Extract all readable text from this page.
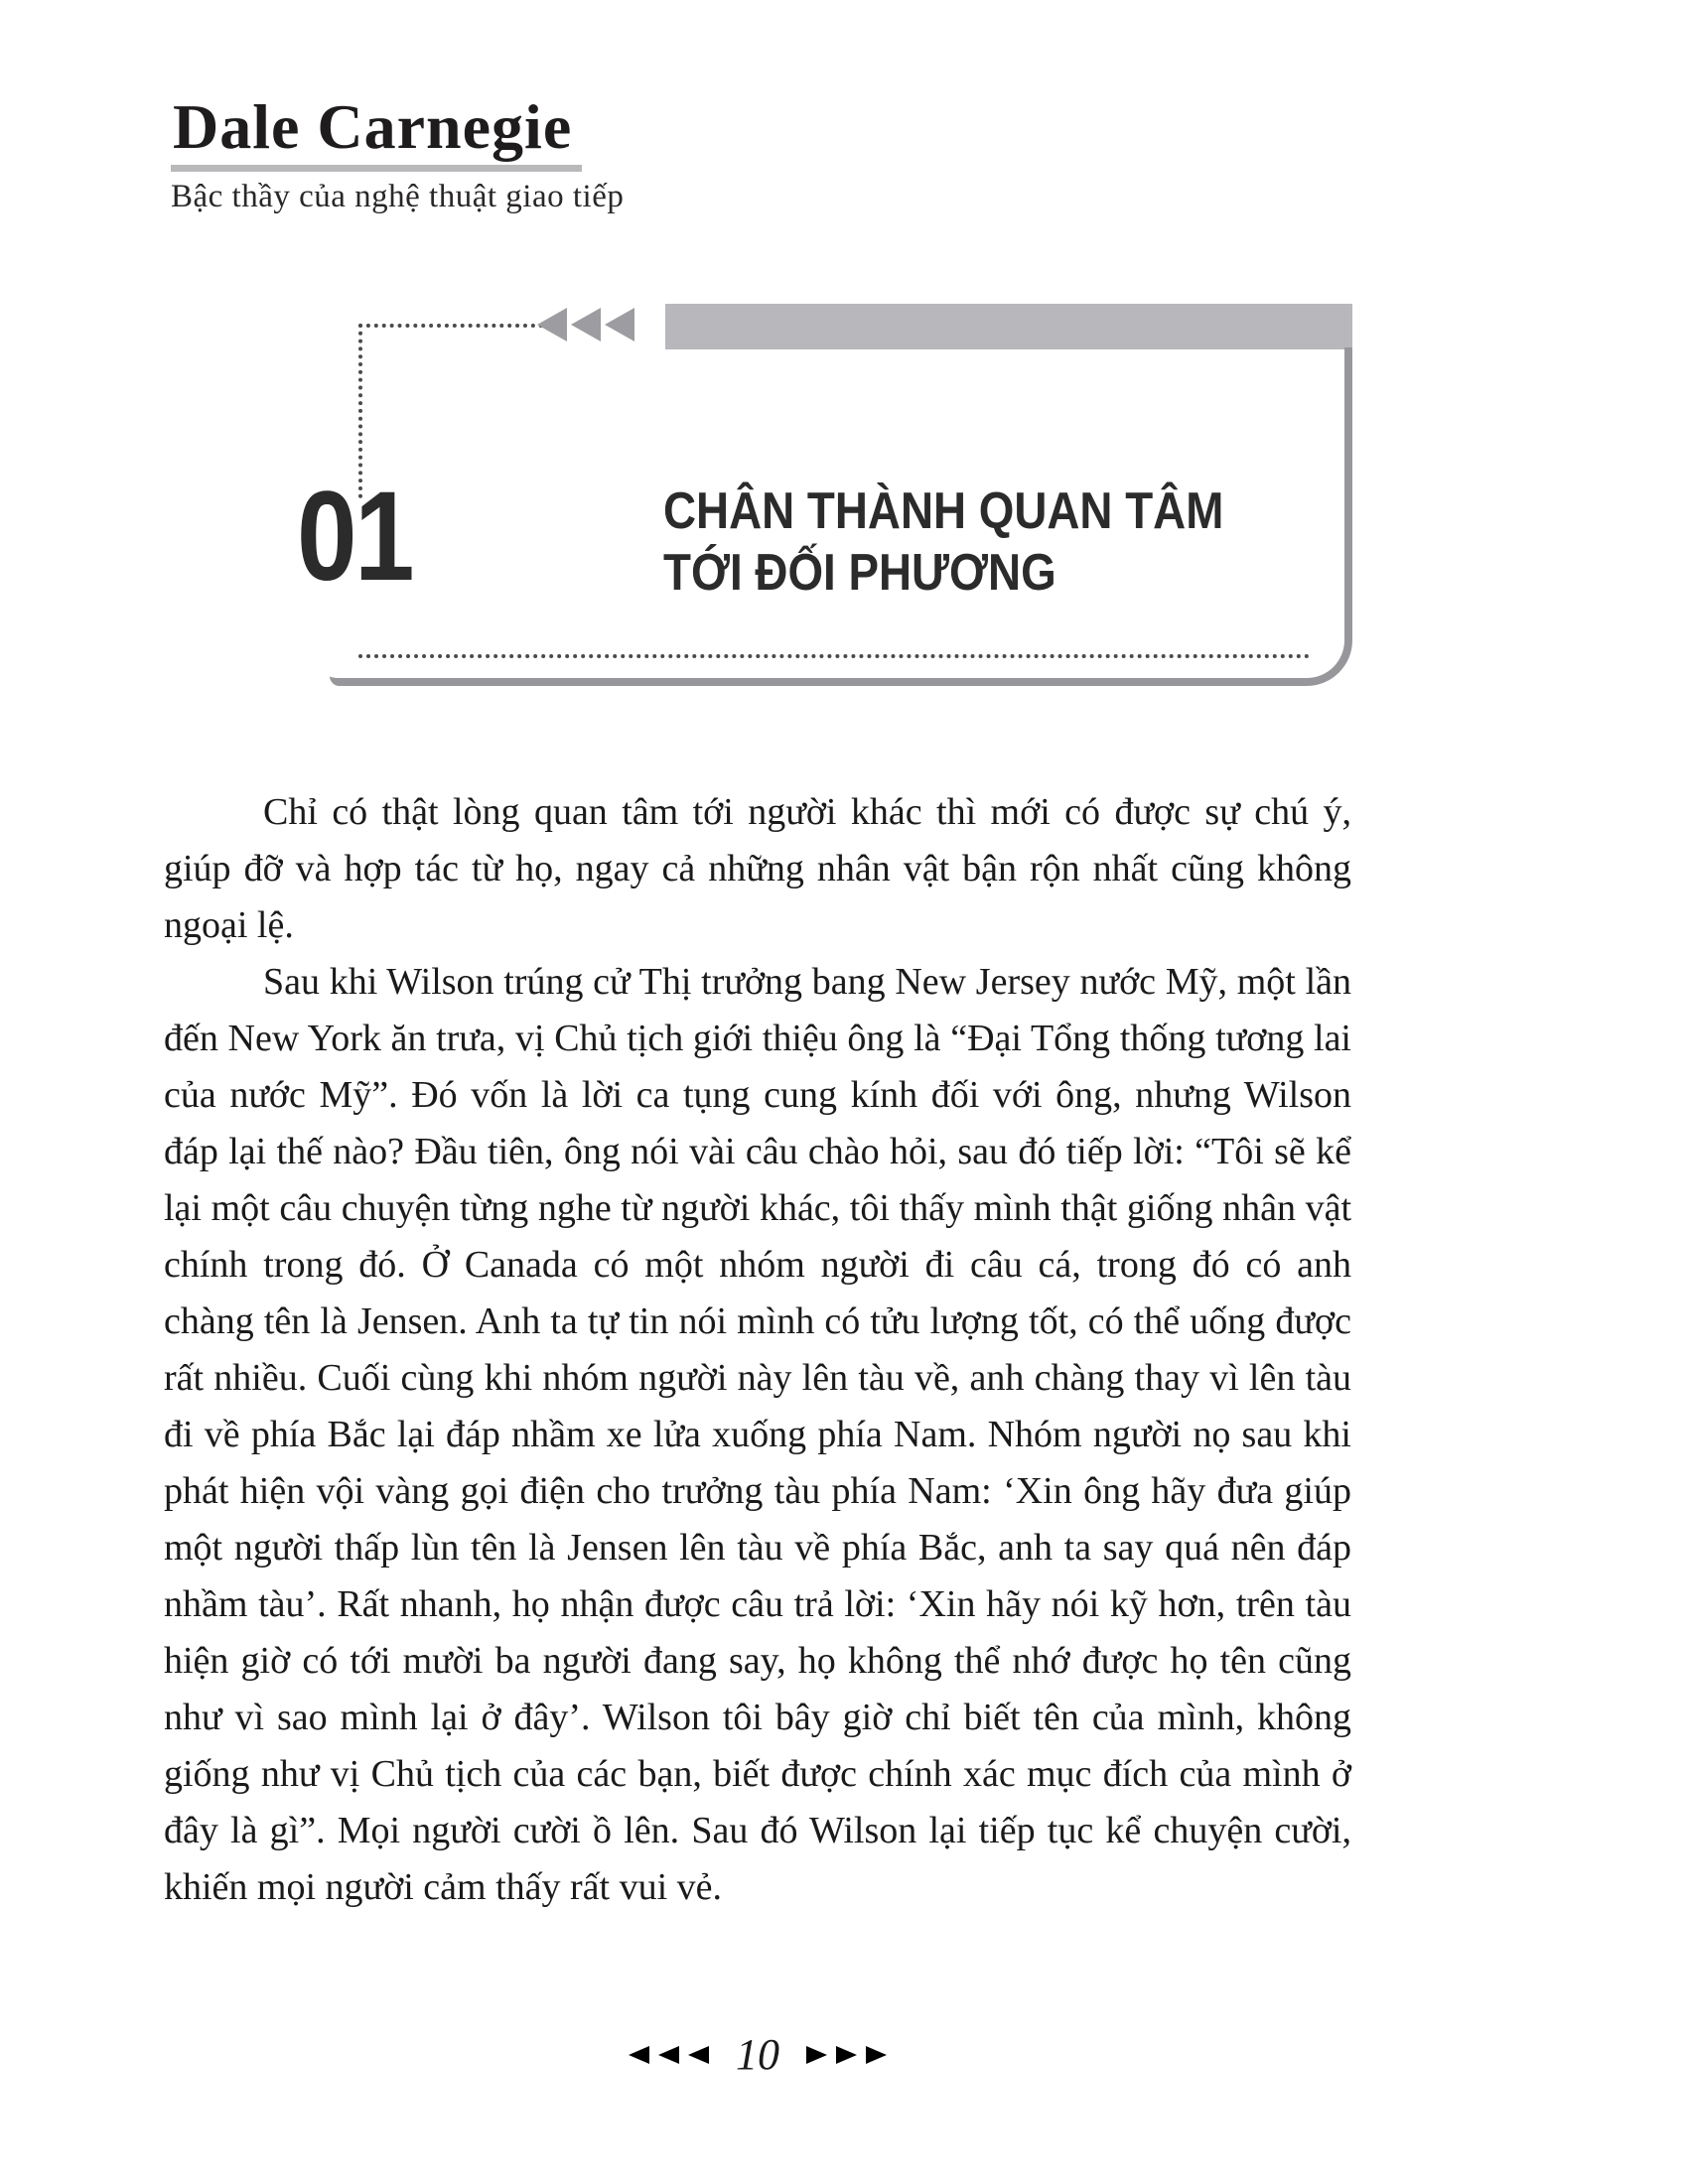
Dale Carnegie
Bậc thầy của nghệ thuật giao tiếp
01	CHÂN THÀNH QUAN TÂM
TỚI ĐỐI PHƯƠNG

Chỉ có thật lòng quan tâm tới người khác thì mới có được sự chú ý, giúp đỡ và hợp tác từ họ, ngay cả những nhân vật bận rộn nhất cũng không ngoại lệ.

Sau khi Wilson trúng cử Thị trưởng bang New Jersey nước Mỹ, một lần đến New York ăn trưa, vị Chủ tịch giới thiệu ông là “Đại Tổng thống tương lai của nước Mỹ”. Đó vốn là lời ca tụng cung kính đối với ông, nhưng Wilson đáp lại thế nào? Đầu tiên, ông nói vài câu chào hỏi, sau đó tiếp lời: “Tôi sẽ kể lại một câu chuyện từng nghe từ người khác, tôi thấy mình thật giống nhân vật chính trong đó. Ở Canada có một nhóm người đi câu cá, trong đó có anh chàng tên là Jensen. Anh ta tự tin nói mình có tửu lượng tốt, có thể uống được rất nhiều. Cuối cùng khi nhóm người này lên tàu về, anh chàng thay vì lên tàu đi về phía Bắc lại đáp nhầm xe lửa xuống phía Nam. Nhóm người nọ sau khi phát hiện vội vàng gọi điện cho trưởng tàu phía Nam: ‘Xin ông hãy đưa giúp một người thấp lùn tên là Jensen lên tàu về phía Bắc, anh ta say quá nên đáp nhầm tàu’. Rất nhanh, họ nhận được câu trả lời: ‘Xin hãy nói kỹ hơn, trên tàu hiện giờ có tới mười ba người đang say, họ không thể nhớ được họ tên cũng như vì sao mình lại ở đây’. Wilson tôi bây giờ chỉ biết tên của mình, không giống như vị Chủ tịch của các bạn, biết được chính xác mục đích của mình ở đây là gì”. Mọi người cười ồ lên. Sau đó Wilson lại tiếp tục kể chuyện cười, khiến mọi người cảm thấy rất vui vẻ.

10
